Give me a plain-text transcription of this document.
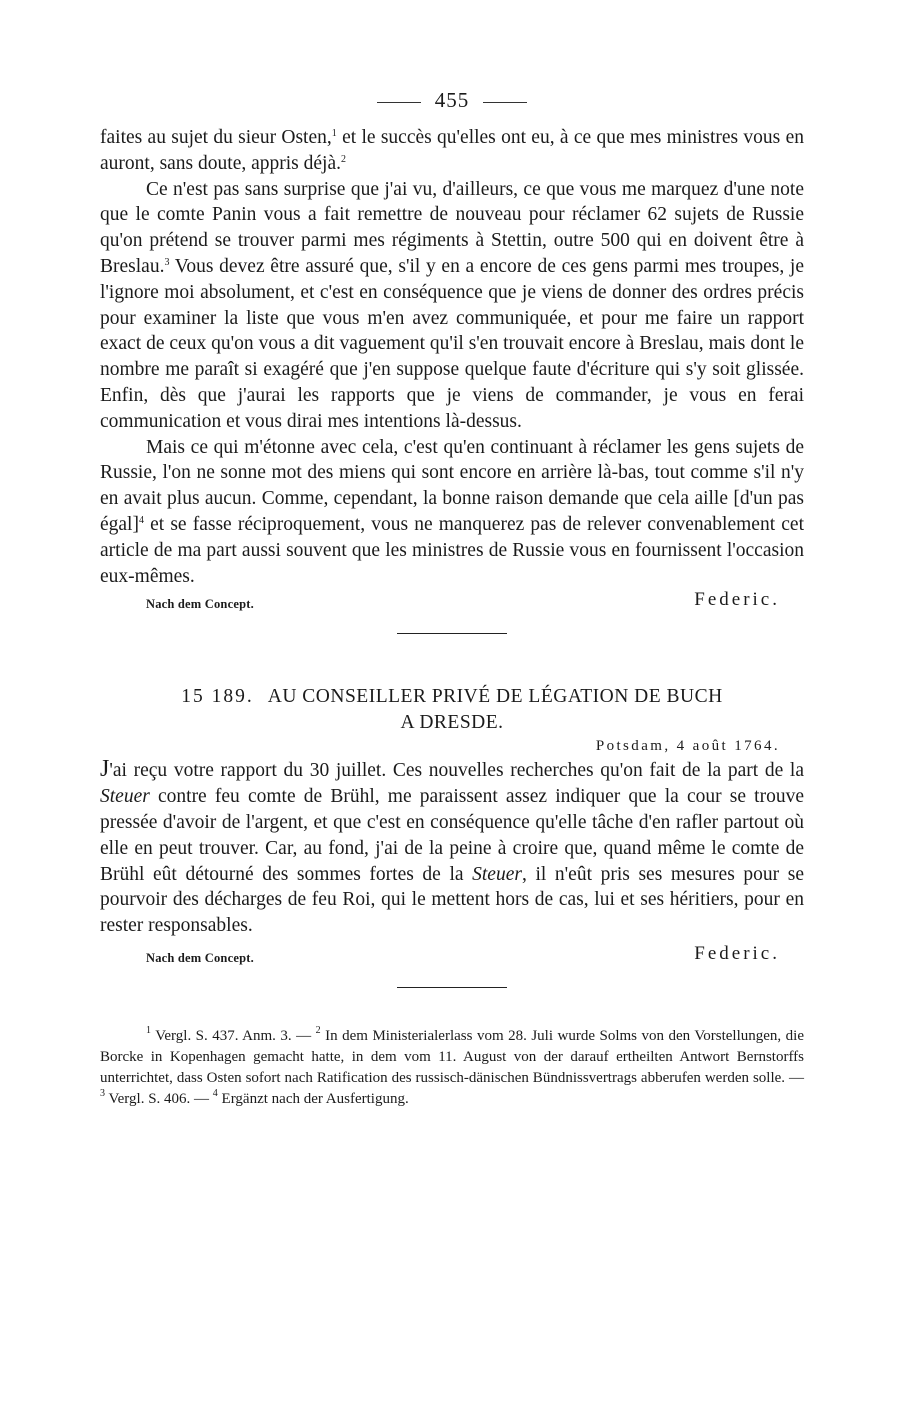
455

faites au sujet du sieur Osten,$^1$ et le succès qu'elles ont eu, à ce que mes ministres vous en auront, sans doute, appris déjà.$^2$

Ce n'est pas sans surprise que j'ai vu, d'ailleurs, ce que vous me marquez d'une note que le comte Panin vous a fait remettre de nouveau pour réclamer 62 sujets de Russie qu'on prétend se trouver parmi mes régiments à Stettin, outre 500 qui en doivent être à Breslau.$^3$ Vous devez être assuré que, s'il y en a encore de ces gens parmi mes troupes, je l'ignore moi absolument, et c'est en conséquence que je viens de donner des ordres précis pour examiner la liste que vous m'en avez communiquée, et pour me faire un rapport exact de ceux qu'on vous a dit vaguement qu'il s'en trouvait encore à Breslau, mais dont le nombre me paraît si exagéré que j'en suppose quelque faute d'écriture qui s'y soit glissée. Enfin, dès que j'aurai les rapports que je viens de commander, je vous en ferai communication et vous dirai mes intentions là-dessus.

Mais ce qui m'étonne avec cela, c'est qu'en continuant à réclamer les gens sujets de Russie, l'on ne sonne mot des miens qui sont encore en arrière là-bas, tout comme s'il n'y en avait plus aucun. Comme, cependant, la bonne raison demande que cela aille [d'un pas égal]$^4$ et se fasse réciproquement, vous ne manquerez pas de relever convenablement cet article de ma part aussi souvent que les ministres de Russie vous en fournissent l'occasion eux-mêmes.

Nach dem Concept.	Federic.
15 189. AU CONSEILLER PRIVÉ DE LÉGATION DE BUCH
A DRESDE.
Potsdam, 4 août 1764.

J'ai reçu votre rapport du 30 juillet. Ces nouvelles recherches qu'on fait de la part de la Steuer contre feu comte de Brühl, me paraissent assez indiquer que la cour se trouve pressée d'avoir de l'argent, et que c'est en conséquence qu'elle tâche d'en rafler partout où elle en peut trouver. Car, au fond, j'ai de la peine à croire que, quand même le comte de Brühl eût détourné des sommes fortes de la Steuer, il n'eût pris ses mesures pour se pourvoir des décharges de feu Roi, qui le mettent hors de cas, lui et ses héritiers, pour en rester responsables.

Nach dem Concept.	Federic.

$^1$ Vergl. S. 437. Anm. 3. — $^2$ In dem Ministerialerlass vom 28. Juli wurde Solms von den Vorstellungen, die Borcke in Kopenhagen gemacht hatte, in dem vom 11. August von der darauf ertheilten Antwort Bernstorffs unterrichtet, dass Osten sofort nach Ratification des russisch-dänischen Bündnissvertrags abberufen werden solle. — $^3$ Vergl. S. 406. — $^4$ Ergänzt nach der Ausfertigung.
